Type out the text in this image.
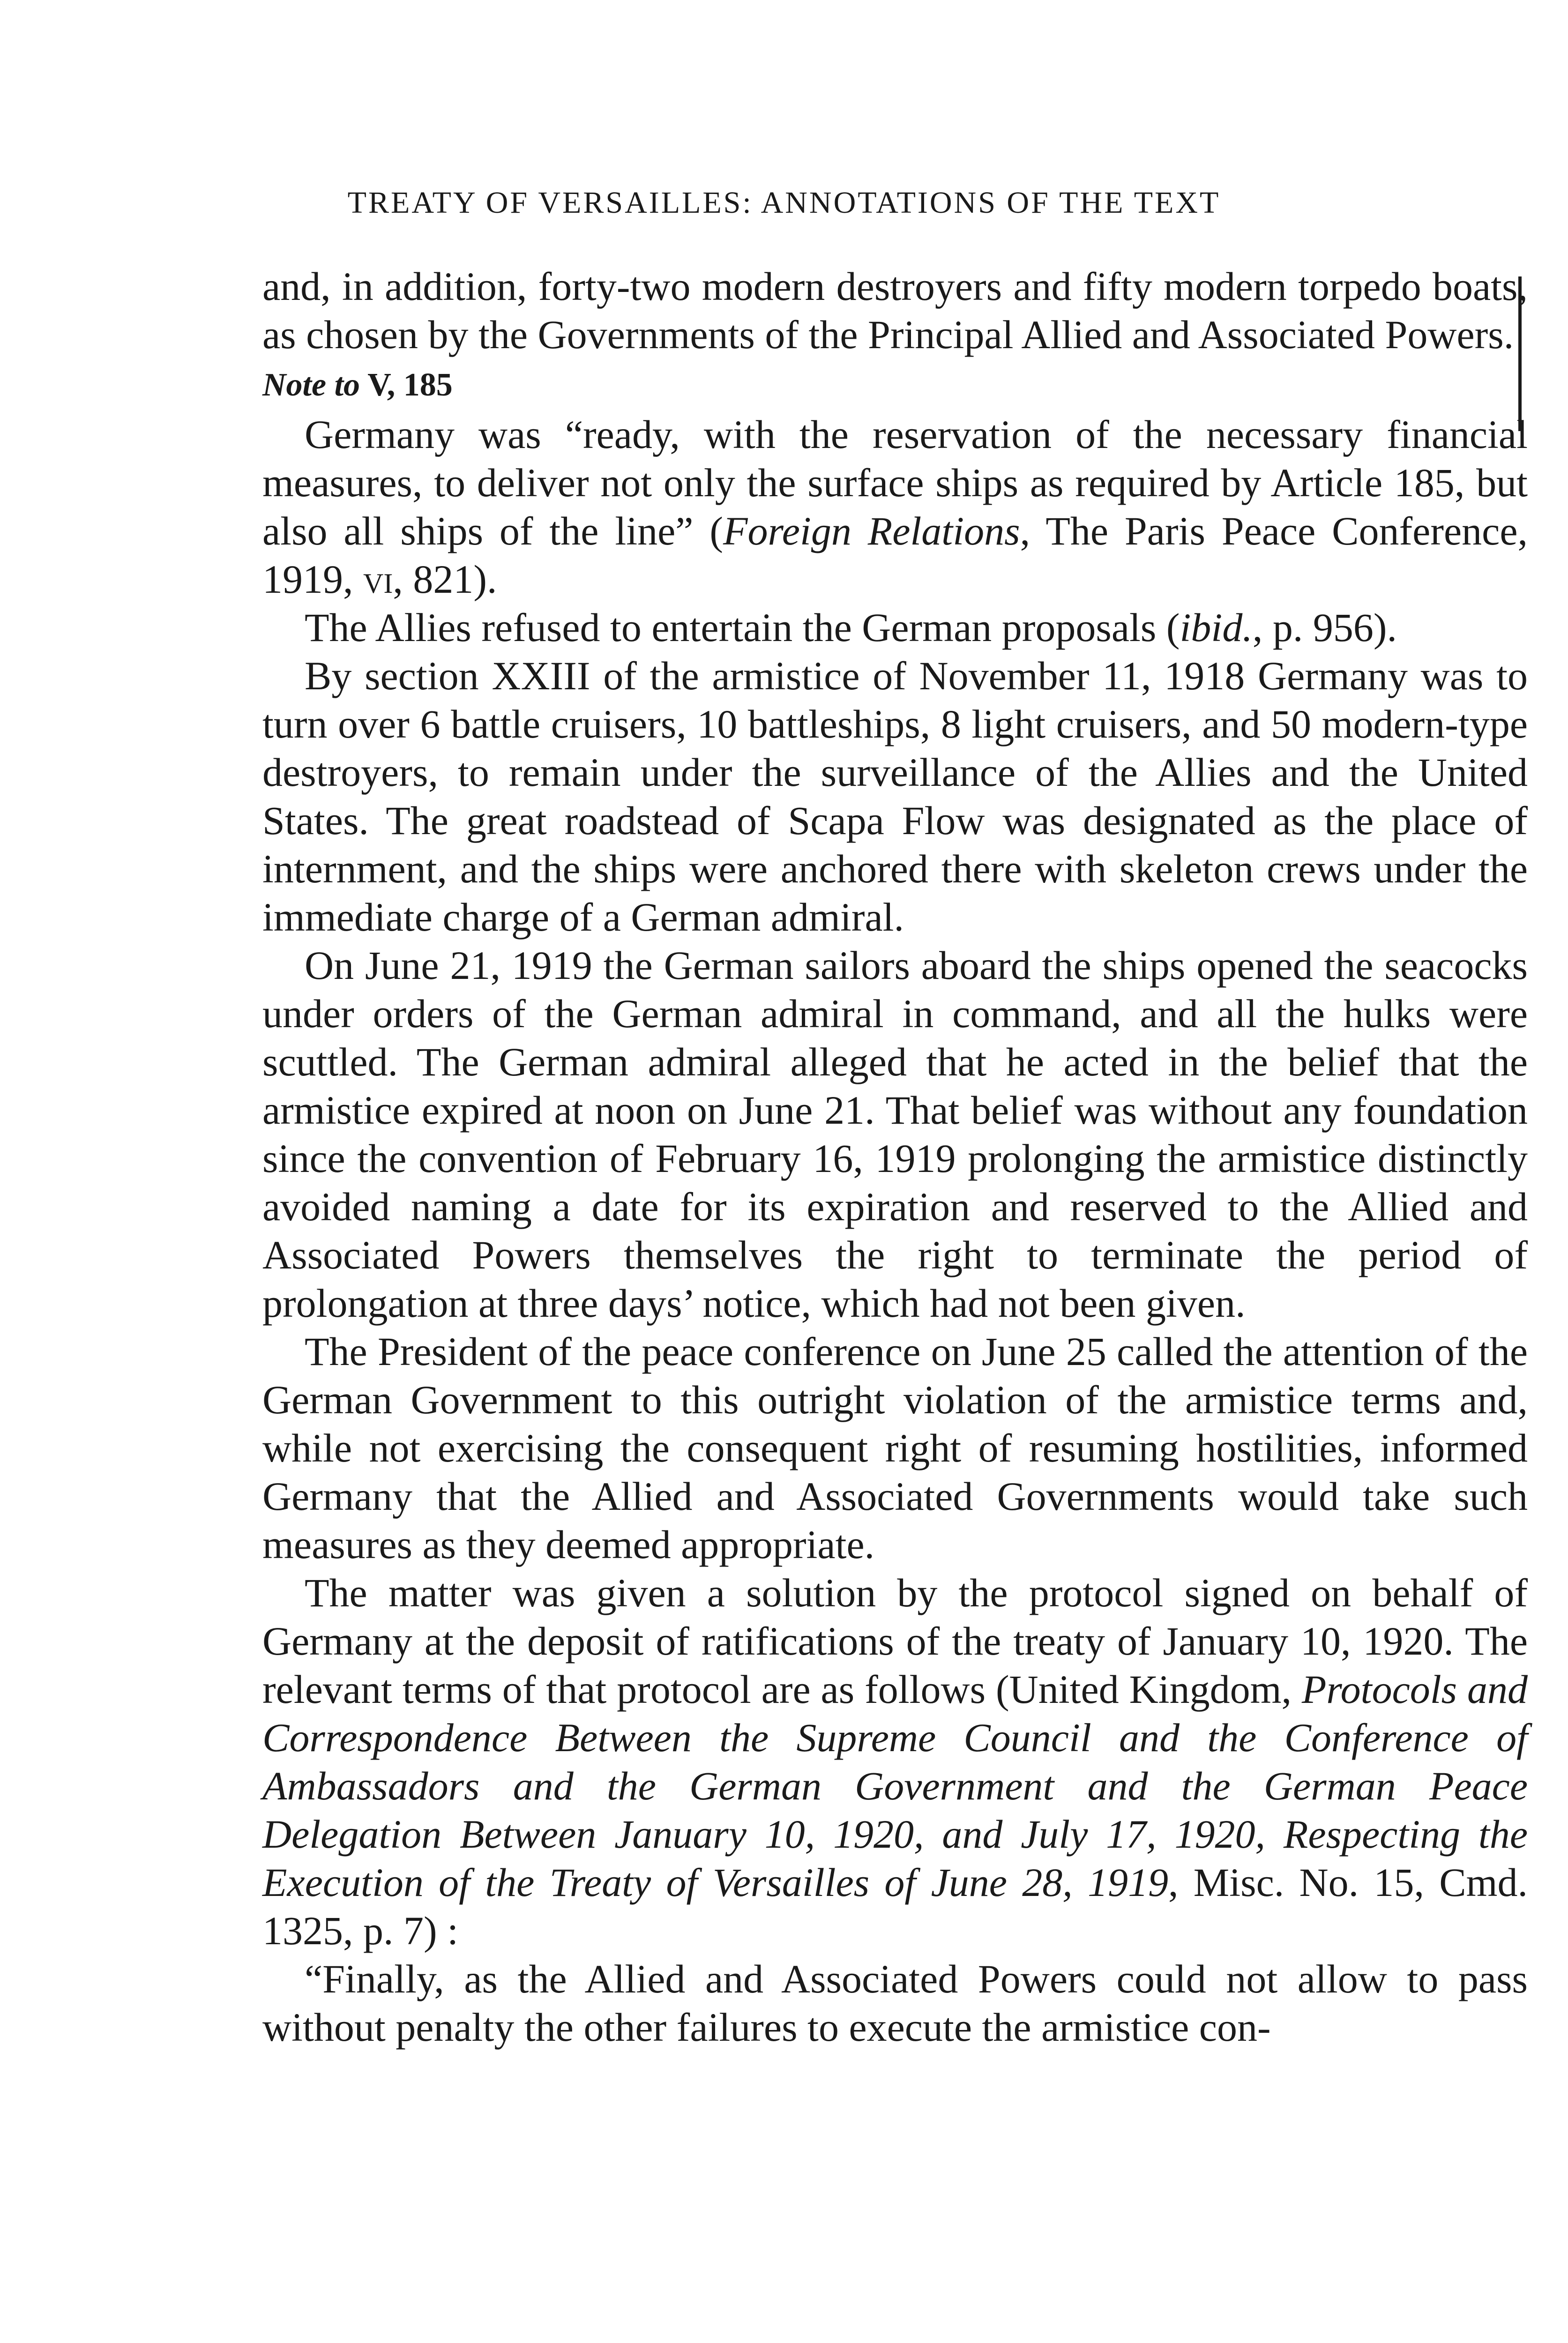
TREATY OF VERSAILLES: ANNOTATIONS OF THE TEXT

and, in addition, forty-two modern destroyers and fifty modern torpedo boats, as chosen by the Governments of the Principal Allied and Associated Powers.

Note to V, 185

Germany was “ready, with the reservation of the necessary financial measures, to deliver not only the surface ships as required by Article 185, but also all ships of the line” (Foreign Relations, The Paris Peace Conference, 1919, vi, 821).

The Allies refused to entertain the German proposals (ibid., p. 956).

By section XXIII of the armistice of November 11, 1918 Germany was to turn over 6 battle cruisers, 10 battleships, 8 light cruisers, and 50 modern-type destroyers, to remain under the surveillance of the Allies and the United States. The great roadstead of Scapa Flow was designated as the place of internment, and the ships were anchored there with skeleton crews under the immediate charge of a German admiral.

On June 21, 1919 the German sailors aboard the ships opened the seacocks under orders of the German admiral in command, and all the hulks were scuttled. The German admiral alleged that he acted in the belief that the armistice expired at noon on June 21. That belief was without any foundation since the convention of February 16, 1919 prolonging the armistice distinctly avoided naming a date for its expiration and reserved to the Allied and Associated Powers themselves the right to terminate the period of prolongation at three days’ notice, which had not been given.

The President of the peace conference on June 25 called the attention of the German Government to this outright violation of the armistice terms and, while not exercising the consequent right of resuming hostilities, informed Germany that the Allied and Associated Governments would take such measures as they deemed appropriate.

The matter was given a solution by the protocol signed on behalf of Germany at the deposit of ratifications of the treaty of January 10, 1920. The relevant terms of that protocol are as follows (United Kingdom, Protocols and Correspondence Between the Supreme Council and the Conference of Ambassadors and the German Government and the German Peace Delegation Between January 10, 1920, and July 17, 1920, Respecting the Execution of the Treaty of Versailles of June 28, 1919, Misc. No. 15, Cmd. 1325, p. 7) :

“Finally, as the Allied and Associated Powers could not allow to pass without penalty the other failures to execute the armistice con-
